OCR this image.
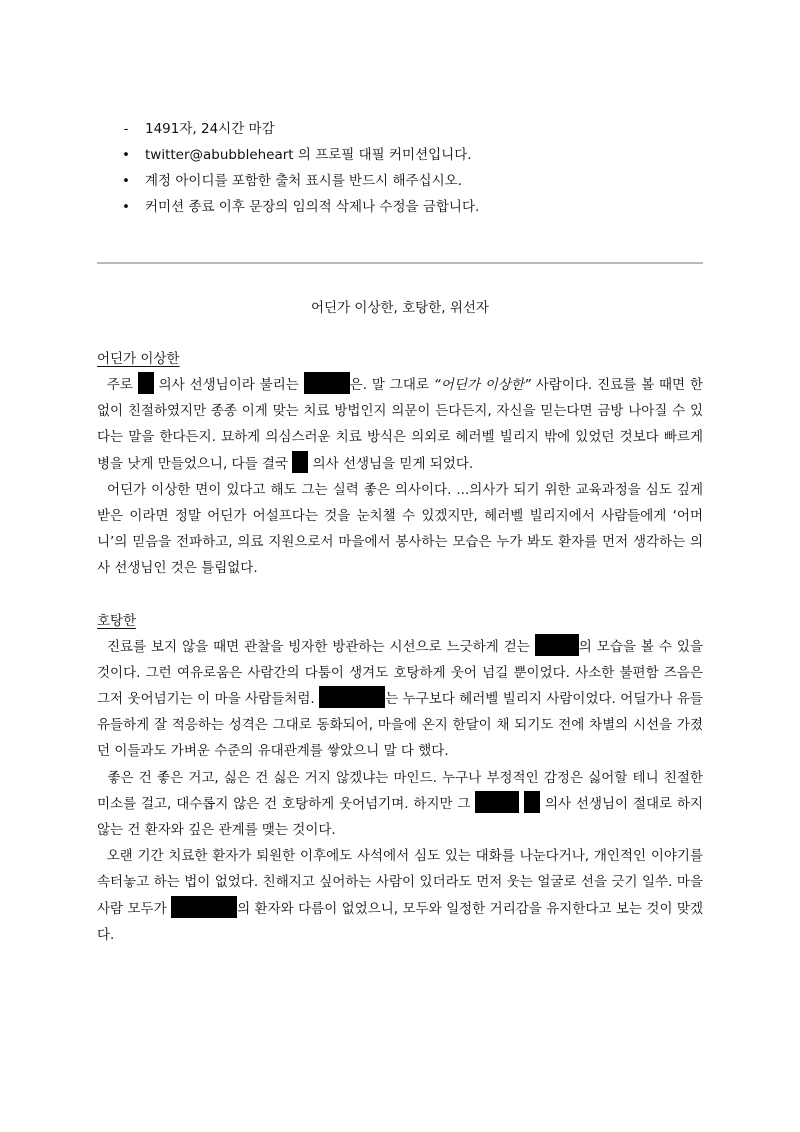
-	1491자, 24시간 마감
• twitter@abubbleheart 의 프로필 대필 커미션입니다.
• 계정 아이디를 포함한 출처 표시를 반드시 해주십시오.
• 커미션 종료 이후 문장의 임의적 삭제나 수정을 금합니다.
어딘가 이상한, 호탕한, 위선자
어딘가 이상한
주로  의사 선생님이라 불리는	은. 말 그대로 “어딘가 이상한” 사람이다. 진료를 볼 때면 한없이 친절하였지만 종종 이게 맞는 치료 방법인지 의문이 든다든지, 자신을 믿는다면 금방 나아질 수 있다는 말을 한다든지. 묘하게 의심스러운 치료 방식은 의외로 헤러벨 빌리지 밖에 있었던 것보다 빠르게 병을 낫게 만들었으니, 다들 결국  의사 선생님을 믿게 되었다.
어딘가 이상한 면이 있다고 해도 그는 실력 좋은 의사이다. ...의사가 되기 위한 교육과정을 심도 깊게 받은 이라면 정말 어딘가 어설프다는 것을 눈치챌 수 있겠지만, 헤러벨 빌리지에서 사람들에게 ‘어머니’의 믿음을 전파하고, 의료 지원으로서 마을에서 봉사하는 모습은 누가 봐도 환자를 먼저 생각하는 의사 선생님인 것은 틀림없다.
호탕한
진료를 보지 않을 때면 관찰을 빙자한 방관하는 시선으로 느긋하게 걷는	의 모습을 볼 수 있을 것이다. 그런 여유로움은 사람간의 다툼이 생겨도 호탕하게 웃어 넘길 뿐이었다. 사소한 불편함 즈음은 그저 웃어넘기는 이 마을 사람들처럼.	는 누구보다 헤러벨 빌리지 사람이었다. 어딜가나 유들유들하게 잘 적응하는 성격은 그대로 동화되어, 마을에 온지 한달이 채 되기도 전에 차별의 시선을 가졌던 이들과도 가벼운 수준의 유대관계를 쌓았으니 말 다 했다.
좋은 건 좋은 거고, 싫은 건 싫은 거지 않겠냐는 마인드. 누구나 부정적인 감정은 싫어할 테니 친절한 미소를 걸고, 대수롭지 않은 건 호탕하게 웃어넘기며. 하지만 그	의사 선생님이 절대로 하지 않는 건 환자와 깊은 관계를 맺는 것이다.
오랜 기간 치료한 환자가 퇴원한 이후에도 사석에서 심도 있는 대화를 나눈다거나, 개인적인 이야기를 속터놓고 하는 법이 없었다. 친해지고 싶어하는 사람이 있더라도 먼저 웃는 얼굴로 선을 긋기 일쑤. 마을 사람 모두가	의 환자와 다름이 없었으니, 모두와 일정한 거리감을 유지한다고 보는 것이 맞겠다.
